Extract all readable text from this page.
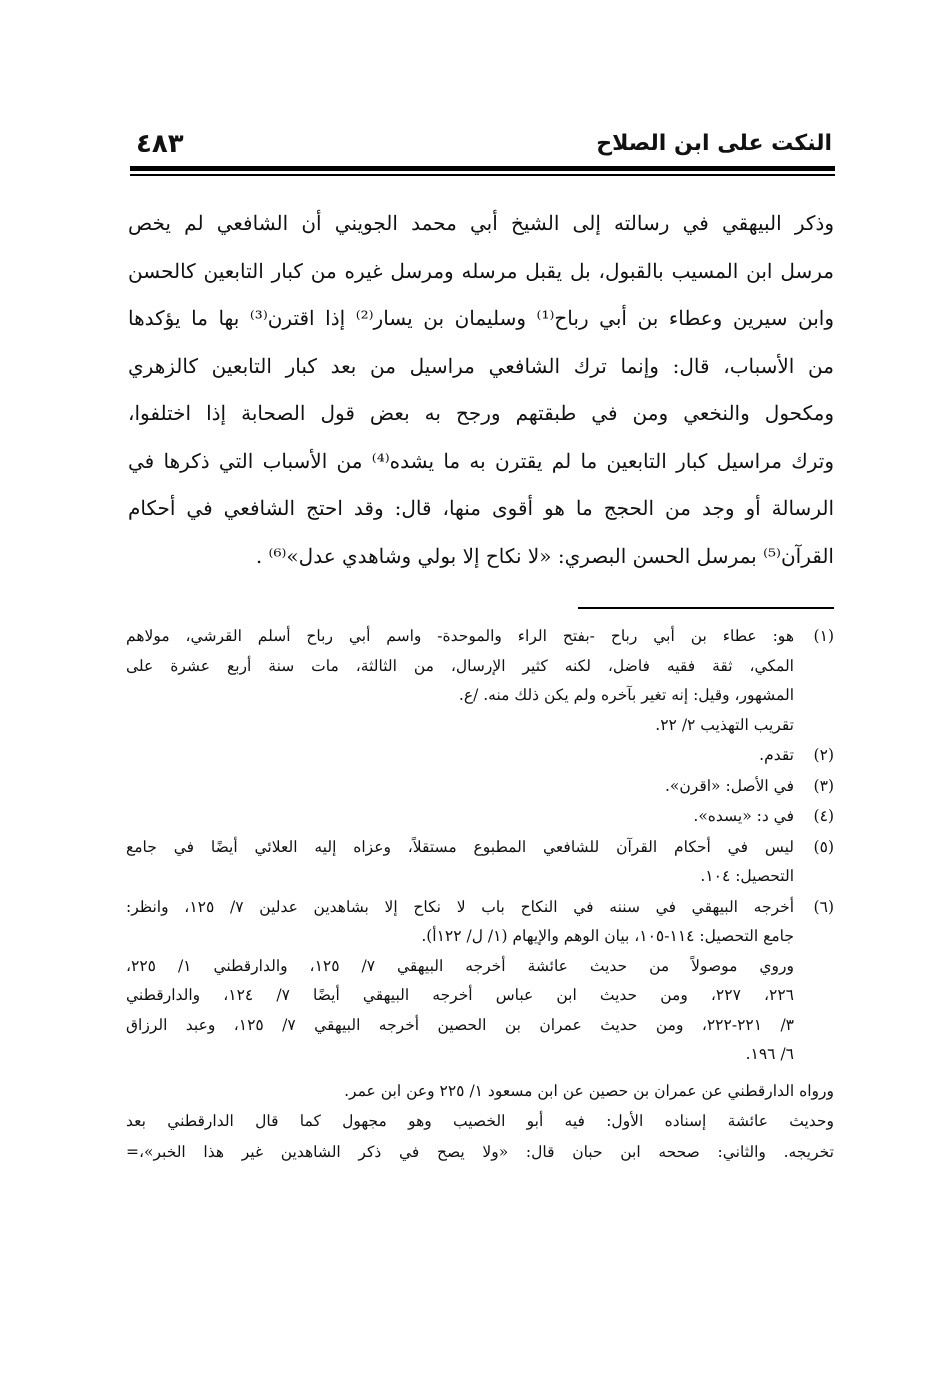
النكت على ابن الصلاح
٤٨٣
وذكر البيهقي في رسالته إلى الشيخ أبي محمد الجويني أن الشافعي لم يخص
مرسل ابن المسيب بالقبول، بل يقبل مرسله ومرسل غيره من كبار التابعين كالحسن
وابن سيرين وعطاء بن أبي رباح⁽¹⁾ وسليمان بن يسار⁽²⁾ إذا اقترن⁽³⁾ بها ما يؤكدها
من الأسباب، قال: وإنما ترك الشافعي مراسيل من بعد كبار التابعين كالزهري
ومكحول والنخعي ومن في طبقتهم ورجح به بعض قول الصحابة إذا اختلفوا،
وترك مراسيل كبار التابعين ما لم يقترن به ما يشده⁽⁴⁾ من الأسباب التي ذكرها في
الرسالة أو وجد من الحجج ما هو أقوى منها، قال: وقد احتج الشافعي في أحكام
القرآن⁽⁵⁾ بمرسل الحسن البصري: «لا نكاح إلا بولي وشاهدي عدل»⁽⁶⁾ .
(١)
هو: عطاء بن أبي رباح -بفتح الراء والموحدة- واسم أبي رباح أسلم القرشي، مولاهم
المكي، ثقة فقيه فاضل، لكنه كثير الإرسال، من الثالثة، مات سنة أربع عشرة على
المشهور، وقيل: إنه تغير بآخره ولم يكن ذلك منه. /ع.
تقريب التهذيب ٢/ ٢٢.
(٢)
تقدم.
(٣)
في الأصل: «اقرن».
(٤)
في د: «يسده».
(٥)
ليس في أحكام القرآن للشافعي المطبوع مستقلاً، وعزاه إليه العلائي أيضًا في جامع
التحصيل: ١٠٤.
(٦)
أخرجه البيهقي في سننه في النكاح باب لا نكاح إلا بشاهدين عدلين ٧/ ١٢٥، وانظر:
جامع التحصيل: ١١٤-١٠٥، بيان الوهم والإيهام (١/ ل/ ١٢٢أ).
وروي موصولاً من حديث عائشة أخرجه البيهقي ٧/ ١٢٥، والدارقطني ١/ ٢٢٥،
٢٢٦، ٢٢٧، ومن حديث ابن عباس أخرجه البيهقي أيضًا ٧/ ١٢٤، والدارقطني
٣/ ٢٢١-٢٢٢، ومن حديث عمران بن الحصين أخرجه البيهقي ٧/ ١٢٥، وعبد الرزاق
٦/ ١٩٦.
ورواه الدارقطني عن عمران بن حصين عن ابن مسعود ١/ ٢٢٥ وعن ابن عمر.
وحديث عائشة إسناده الأول: فيه أبو الخصيب وهو مجهول كما قال الدارقطني بعد
تخريجه. والثاني: صححه ابن حبان قال: «ولا يصح في ذكر الشاهدين غير هذا الخبر»،=
